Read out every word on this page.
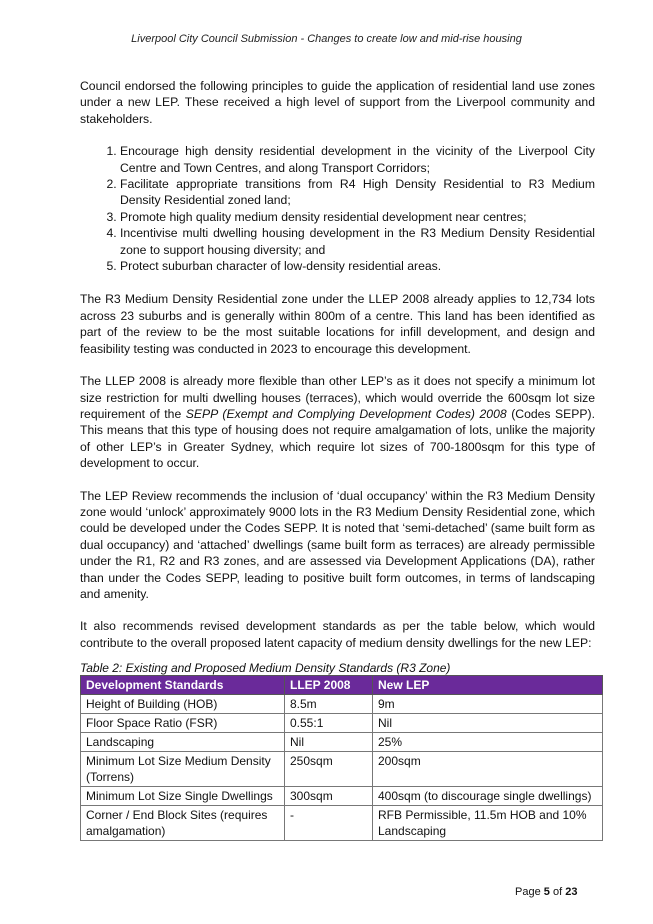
Liverpool City Council Submission - Changes to create low and mid-rise housing

Council endorsed the following principles to guide the application of residential land use zones under a new LEP. These received a high level of support from the Liverpool community and stakeholders.

1. Encourage high density residential development in the vicinity of the Liverpool City Centre and Town Centres, and along Transport Corridors;
2. Facilitate appropriate transitions from R4 High Density Residential to R3 Medium Density Residential zoned land;
3. Promote high quality medium density residential development near centres;
4. Incentivise multi dwelling housing development in the R3 Medium Density Residential zone to support housing diversity; and
5. Protect suburban character of low-density residential areas.

The R3 Medium Density Residential zone under the LLEP 2008 already applies to 12,734 lots across 23 suburbs and is generally within 800m of a centre. This land has been identified as part of the review to be the most suitable locations for infill development, and design and feasibility testing was conducted in 2023 to encourage this development.

The LLEP 2008 is already more flexible than other LEP’s as it does not specify a minimum lot size restriction for multi dwelling houses (terraces), which would override the 600sqm lot size requirement of the SEPP (Exempt and Complying Development Codes) 2008 (Codes SEPP). This means that this type of housing does not require amalgamation of lots, unlike the majority of other LEP’s in Greater Sydney, which require lot sizes of 700-1800sqm for this type of development to occur.

The LEP Review recommends the inclusion of ‘dual occupancy’ within the R3 Medium Density zone would ‘unlock’ approximately 9000 lots in the R3 Medium Density Residential zone, which could be developed under the Codes SEPP. It is noted that ‘semi-detached’ (same built form as dual occupancy) and ‘attached’ dwellings (same built form as terraces) are already permissible under the R1, R2 and R3 zones, and are assessed via Development Applications (DA), rather than under the Codes SEPP, leading to positive built form outcomes, in terms of landscaping and amenity.

It also recommends revised development standards as per the table below, which would contribute to the overall proposed latent capacity of medium density dwellings for the new LEP:

Table 2: Existing and Proposed Medium Density Standards (R3 Zone)
Development Standards	LLEP 2008	New LEP
Height of Building (HOB)	8.5m	9m
Floor Space Ratio (FSR)	0.55:1	Nil
Landscaping	Nil	25%
Minimum Lot Size Medium Density (Torrens)	250sqm	200sqm
Minimum Lot Size Single Dwellings	300sqm	400sqm (to discourage single dwellings)
Corner / End Block Sites (requires amalgamation)	-	RFB Permissible, 11.5m HOB and 10% Landscaping
Page 5 of 23
